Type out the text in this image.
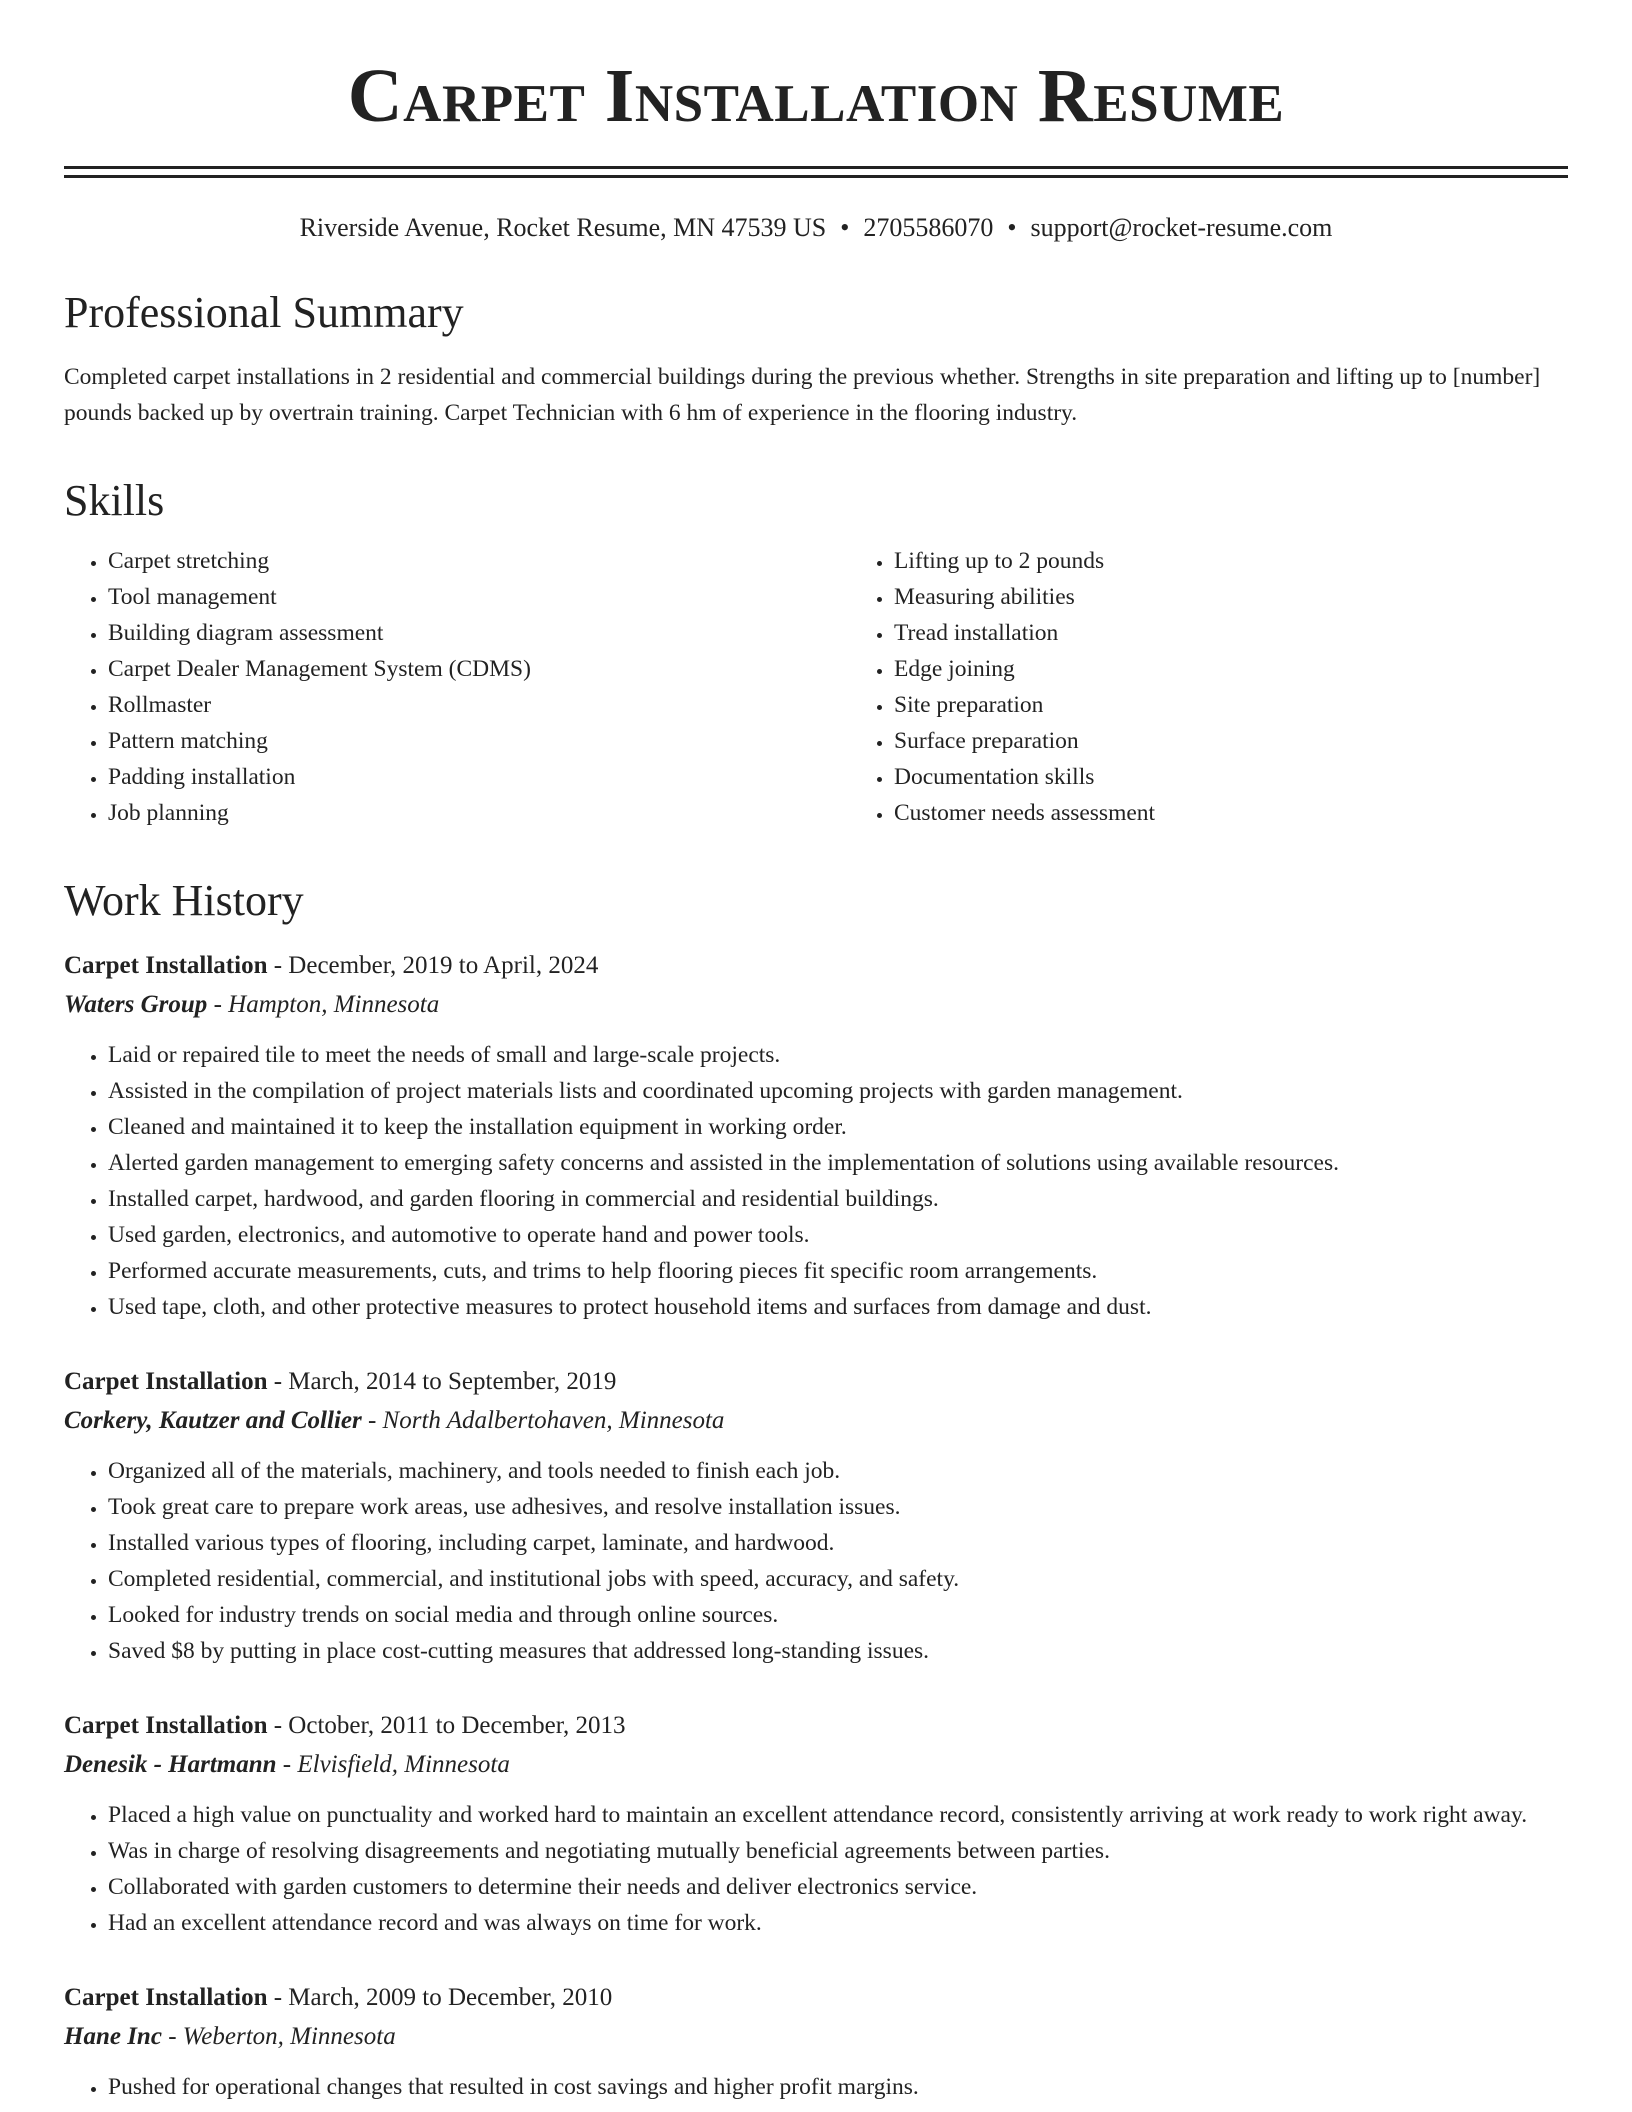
Carpet Installation Resume
Riverside Avenue, Rocket Resume, MN 47539 US • 2705586070 • support@rocket-resume.com
Professional Summary
Completed carpet installations in 2 residential and commercial buildings during the previous whether. Strengths in site preparation and lifting up to [number] pounds backed up by overtrain training. Carpet Technician with 6 hm of experience in the flooring industry.
Skills
• Carpet stretching
• Tool management
• Building diagram assessment
• Carpet Dealer Management System (CDMS)
• Rollmaster
• Pattern matching
• Padding installation
• Job planning
• Lifting up to 2 pounds
• Measuring abilities
• Tread installation
• Edge joining
• Site preparation
• Surface preparation
• Documentation skills
• Customer needs assessment
Work History

Carpet Installation - December, 2019 to April, 2024

Waters Group - Hampton, Minnesota

• Laid or repaired tile to meet the needs of small and large-scale projects.
• Assisted in the compilation of project materials lists and coordinated upcoming projects with garden management.
• Cleaned and maintained it to keep the installation equipment in working order.
• Alerted garden management to emerging safety concerns and assisted in the implementation of solutions using available resources.
• Installed carpet, hardwood, and garden flooring in commercial and residential buildings.
• Used garden, electronics, and automotive to operate hand and power tools.
• Performed accurate measurements, cuts, and trims to help flooring pieces fit specific room arrangements.
• Used tape, cloth, and other protective measures to protect household items and surfaces from damage and dust.

Carpet Installation - March, 2014 to September, 2019

Corkery, Kautzer and Collier - North Adalbertohaven, Minnesota

• Organized all of the materials, machinery, and tools needed to finish each job.
• Took great care to prepare work areas, use adhesives, and resolve installation issues.
• Installed various types of flooring, including carpet, laminate, and hardwood.
• Completed residential, commercial, and institutional jobs with speed, accuracy, and safety.
• Looked for industry trends on social media and through online sources.
• Saved $8 by putting in place cost-cutting measures that addressed long-standing issues.

Carpet Installation - October, 2011 to December, 2013

Denesik - Hartmann - Elvisfield, Minnesota

• Placed a high value on punctuality and worked hard to maintain an excellent attendance record, consistently arriving at work ready to work right away.
• Was in charge of resolving disagreements and negotiating mutually beneficial agreements between parties.
• Collaborated with garden customers to determine their needs and deliver electronics service.
• Had an excellent attendance record and was always on time for work.

Carpet Installation - March, 2009 to December, 2010

Hane Inc - Weberton, Minnesota

• Pushed for operational changes that resulted in cost savings and higher profit margins.
